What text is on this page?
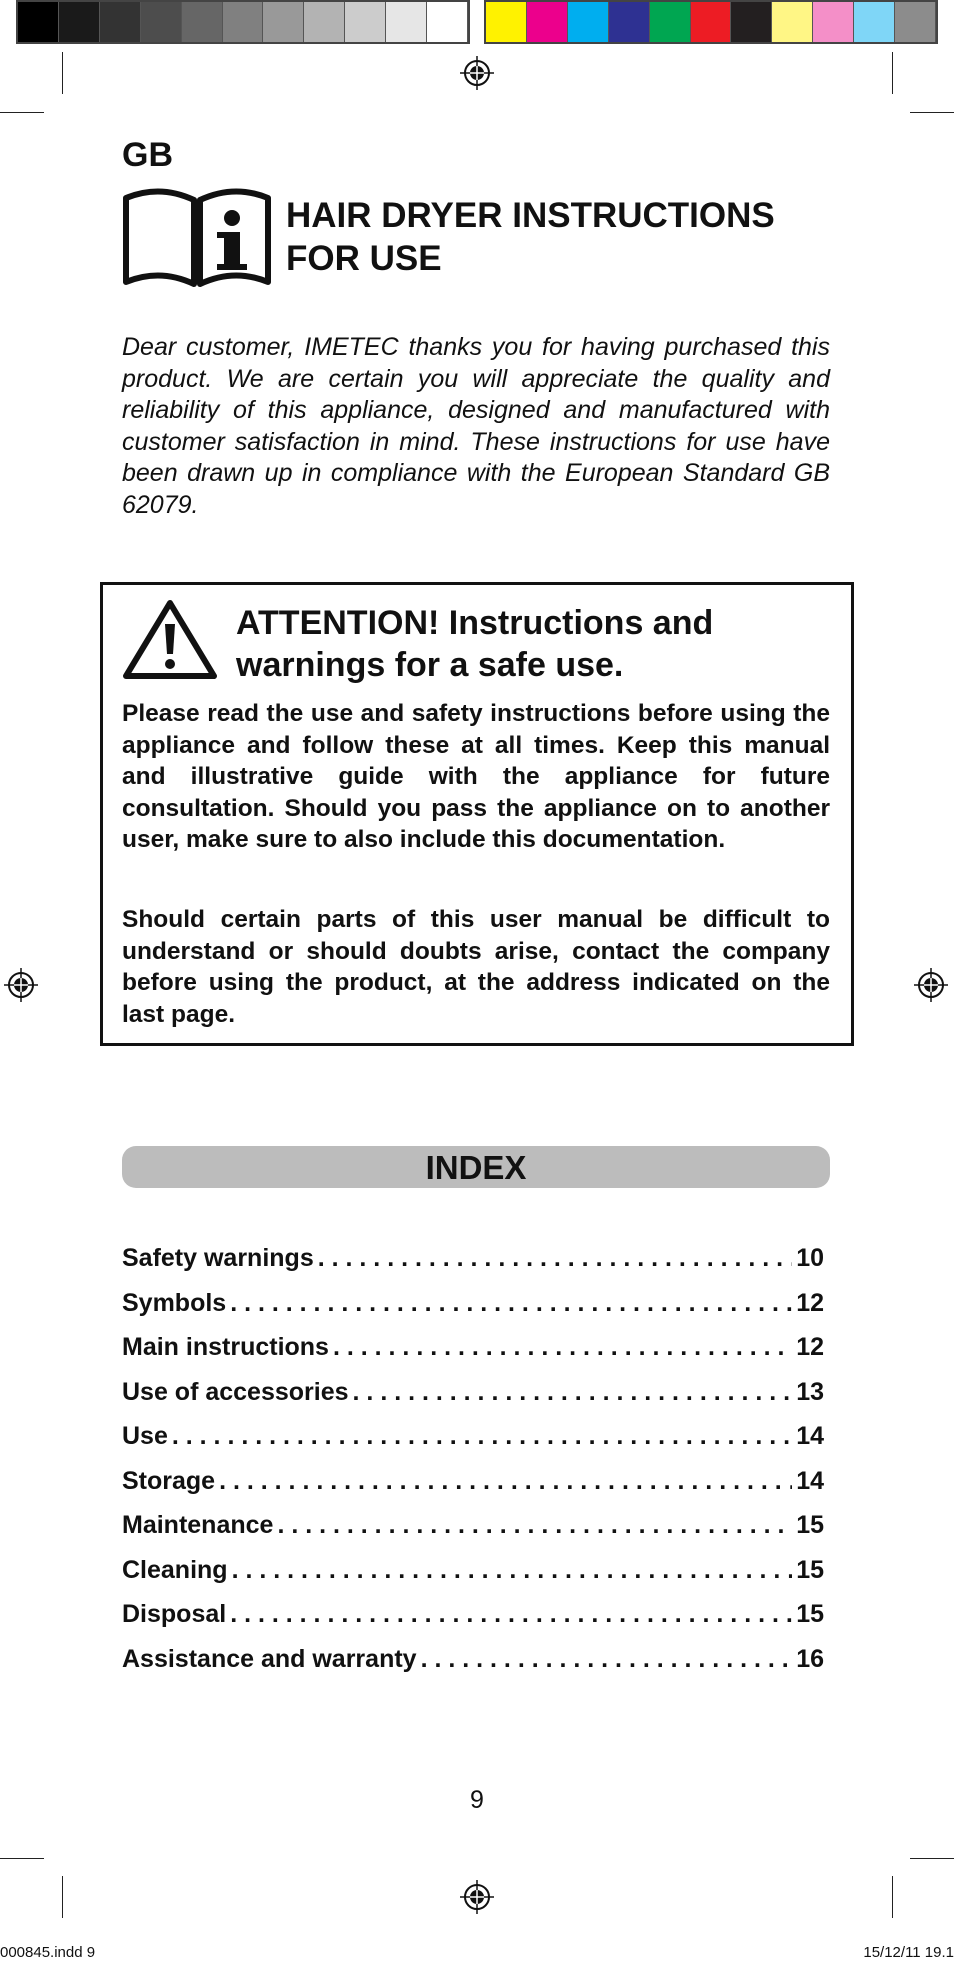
GB
HAIR DRYER INSTRUCTIONS
FOR USE

Dear customer, IMETEC thanks you for having purchased this product. We are certain you will appreciate the quality and reliability of this appliance, designed and manufactured with customer satisfaction in mind. These instructions for use have been drawn up in compliance with the European Standard GB 62079.

ATTENTION! Instructions and
warnings for a safe use.

Please read the use and safety instructions before using the appliance and follow these at all times. Keep this manual and illustrative guide with the appliance for future consultation. Should you pass the appliance on to another user, make sure to also include this documentation.

Should certain parts of this user manual be difficult to understand or should doubts arise, contact the company before using the product, at the address indicated on the last page.

INDEX
Safety warnings . . .	10
Symbols . . .	12
Main instructions . . .	12
Use of accessories . . .	13
Use . . .	14
Storage . . .	14
Maintenance . . .	15
Cleaning . . .	15
Disposal . . .	15
Assistance and warranty . . .	16
9
000845.indd 9	15/12/11 19.1
